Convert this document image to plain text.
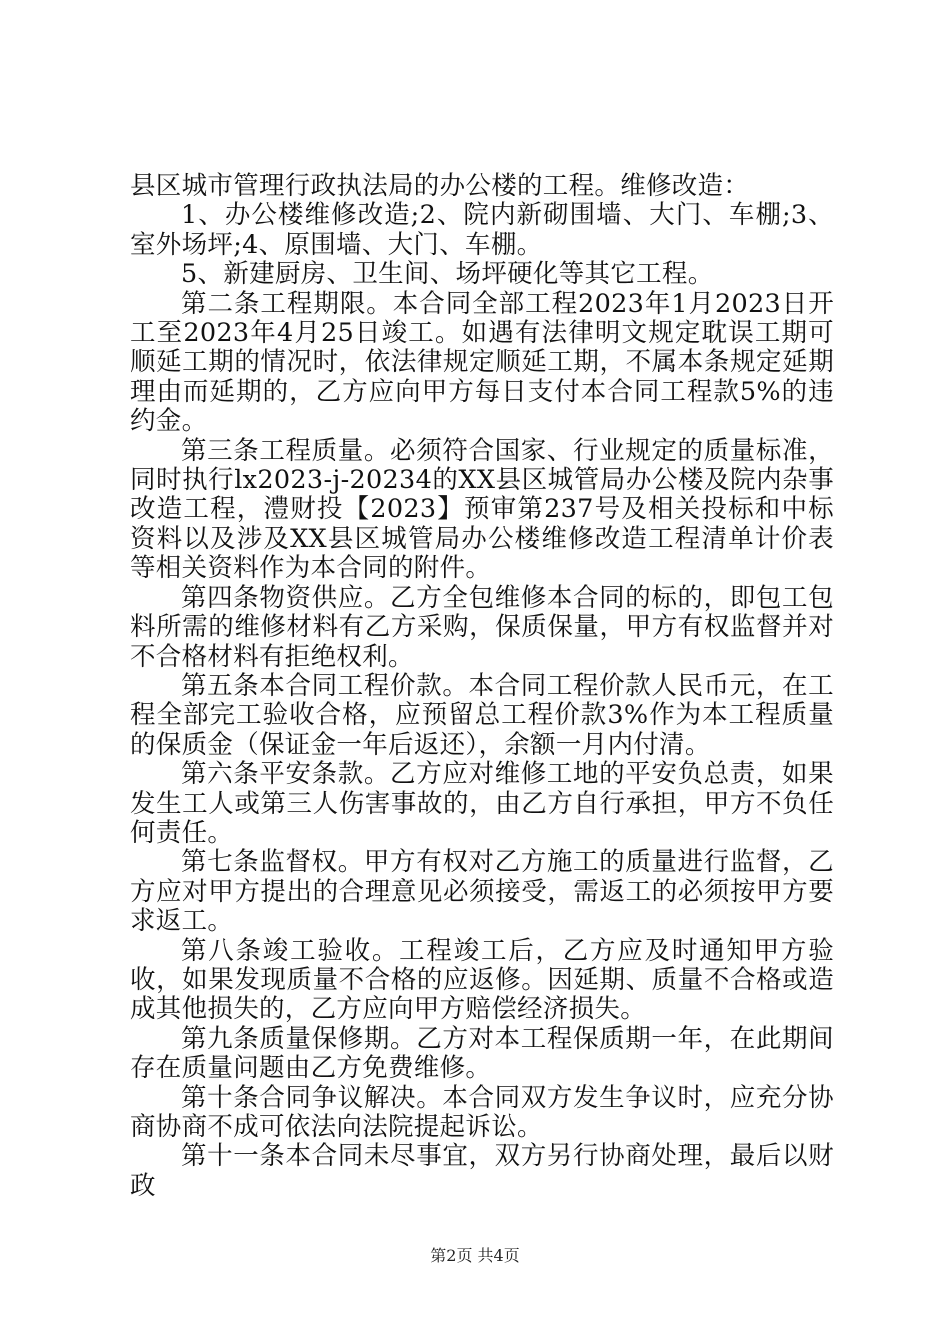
县区城市管理行政执法局的办公楼的工程。维修改造：

1、办公楼维修改造;2、院内新砌围墙、大门、车棚;3、室外场坪;4、原围墙、大门、车棚。

5、新建厨房、卫生间、场坪硬化等其它工程。

第二条工程期限。本合同全部工程2023年1月2023日开工至2023年4月25日竣工。如遇有法律明文规定耽误工期可顺延工期的情况时，依法律规定顺延工期，不属本条规定延期理由而延期的，乙方应向甲方每日支付本合同工程款5%的违约金。

第三条工程质量。必须符合国家、行业规定的质量标准，同时执行lx2023-j-20234的XX县区城管局办公楼及院内杂事改造工程，澧财投【2023】预审第237号及相关投标和中标资料以及涉及XX县区城管局办公楼维修改造工程清单计价表等相关资料作为本合同的附件。

第四条物资供应。乙方全包维修本合同的标的，即包工包料所需的维修材料有乙方采购，保质保量，甲方有权监督并对不合格材料有拒绝权利。

第五条本合同工程价款。本合同工程价款人民币元，在工程全部完工验收合格，应预留总工程价款3%作为本工程质量的保质金（保证金一年后返还），余额一月内付清。

第六条平安条款。乙方应对维修工地的平安负总责，如果发生工人或第三人伤害事故的，由乙方自行承担，甲方不负任何责任。

第七条监督权。甲方有权对乙方施工的质量进行监督，乙方应对甲方提出的合理意见必须接受，需返工的必须按甲方要求返工。

第八条竣工验收。工程竣工后，乙方应及时通知甲方验收，如果发现质量不合格的应返修。因延期、质量不合格或造成其他损失的，乙方应向甲方赔偿经济损失。

第九条质量保修期。乙方对本工程保质期一年，在此期间存在质量问题由乙方免费维修。

第十条合同争议解决。本合同双方发生争议时，应充分协商协商不成可依法向法院提起诉讼。

第十一条本合同未尽事宜，双方另行协商处理，最后以财政

第2页 共4页
